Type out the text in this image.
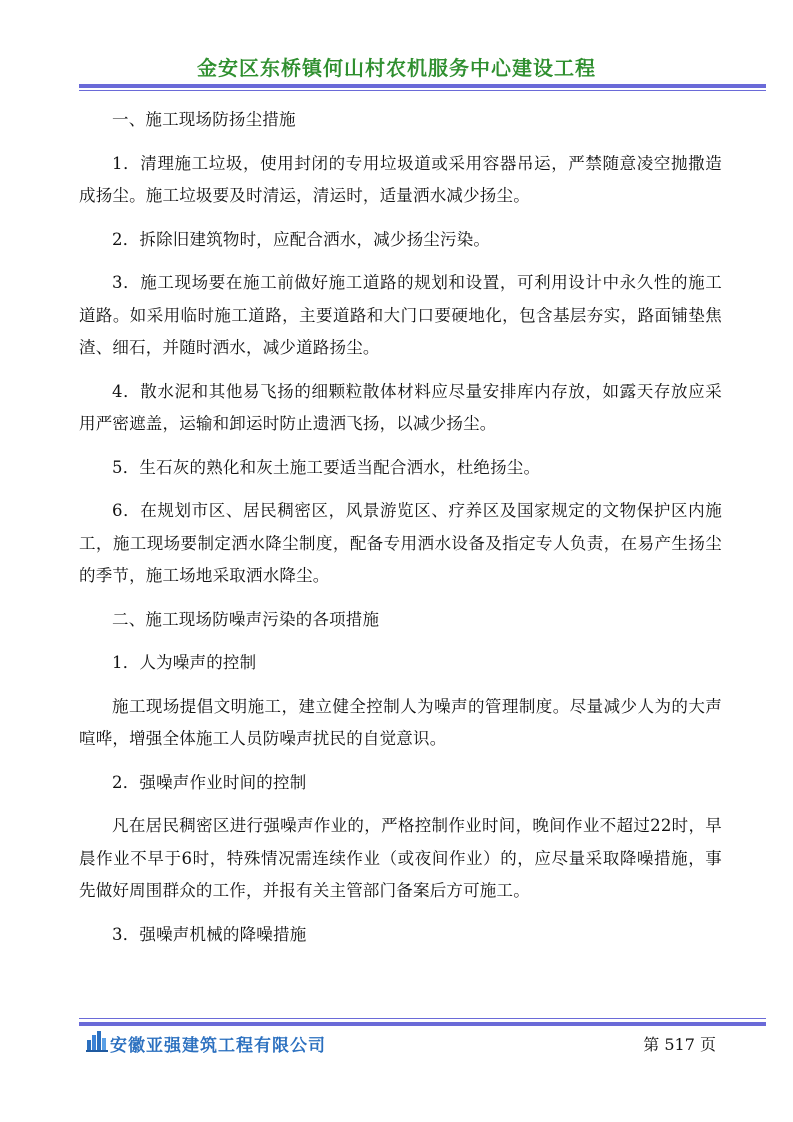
金安区东桥镇何山村农机服务中心建设工程

一、施工现场防扬尘措施

1．清理施工垃圾，使用封闭的专用垃圾道或采用容器吊运，严禁随意凌空抛撒造成扬尘。施工垃圾要及时清运，清运时，适量洒水减少扬尘。

2．拆除旧建筑物时，应配合洒水，减少扬尘污染。

3．施工现场要在施工前做好施工道路的规划和设置，可利用设计中永久性的施工道路。如采用临时施工道路，主要道路和大门口要硬地化，包含基层夯实，路面铺垫焦渣、细石，并随时洒水，减少道路扬尘。

4．散水泥和其他易飞扬的细颗粒散体材料应尽量安排库内存放，如露天存放应采用严密遮盖，运输和卸运时防止遗洒飞扬，以减少扬尘。

5．生石灰的熟化和灰土施工要适当配合洒水，杜绝扬尘。

6．在规划市区、居民稠密区，风景游览区、疗养区及国家规定的文物保护区内施工，施工现场要制定洒水降尘制度，配备专用洒水设备及指定专人负责，在易产生扬尘的季节，施工场地采取洒水降尘。

二、施工现场防噪声污染的各项措施

1．人为噪声的控制

施工现场提倡文明施工，建立健全控制人为噪声的管理制度。尽量减少人为的大声喧哗，增强全体施工人员防噪声扰民的自觉意识。

2．强噪声作业时间的控制

凡在居民稠密区进行强噪声作业的，严格控制作业时间，晚间作业不超过22时，早晨作业不早于6时，特殊情况需连续作业（或夜间作业）的，应尽量采取降噪措施，事先做好周围群众的工作，并报有关主管部门备案后方可施工。

3．强噪声机械的降噪措施

安徽亚强建筑工程有限公司	第 517 页
